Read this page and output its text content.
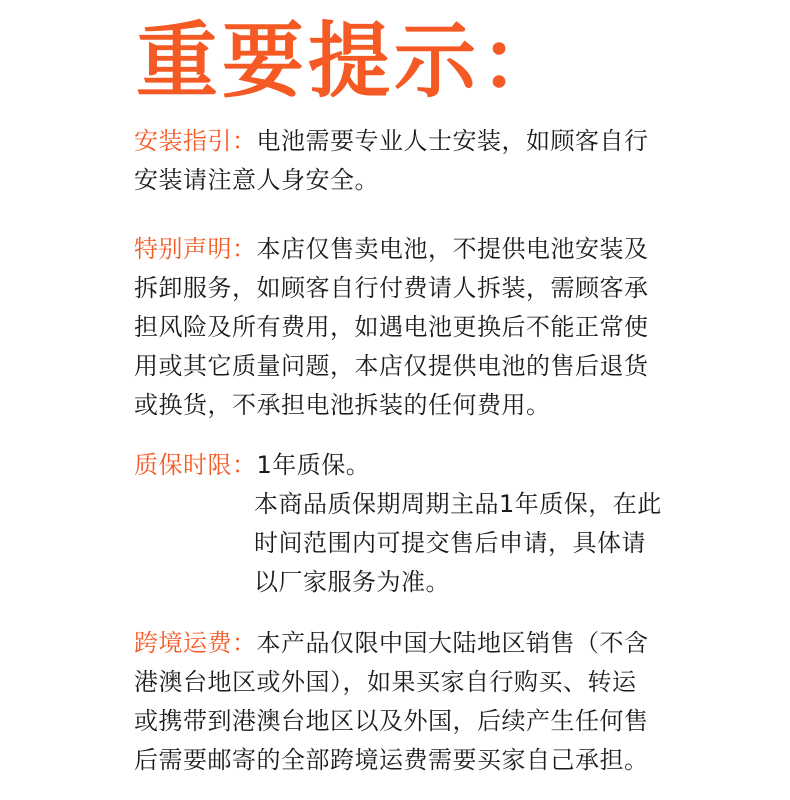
重要提示：
安装指引：电池需要专业人士安装，如顾客自行
安装请注意人身安全。
特别声明：本店仅售卖电池，不提供电池安装及
拆卸服务，如顾客自行付费请人拆装，需顾客承
担风险及所有费用，如遇电池更换后不能正常使
用或其它质量问题，本店仅提供电池的售后退货
或换货，不承担电池拆装的任何费用。
质保时限：1年质保。
本商品质保期周期主品1年质保，在此
时间范围内可提交售后申请，具体请
以厂家服务为准。
跨境运费：本产品仅限中国大陆地区销售（不含
港澳台地区或外国），如果买家自行购买、转运
或携带到港澳台地区以及外国，后续产生任何售
后需要邮寄的全部跨境运费需要买家自己承担。
